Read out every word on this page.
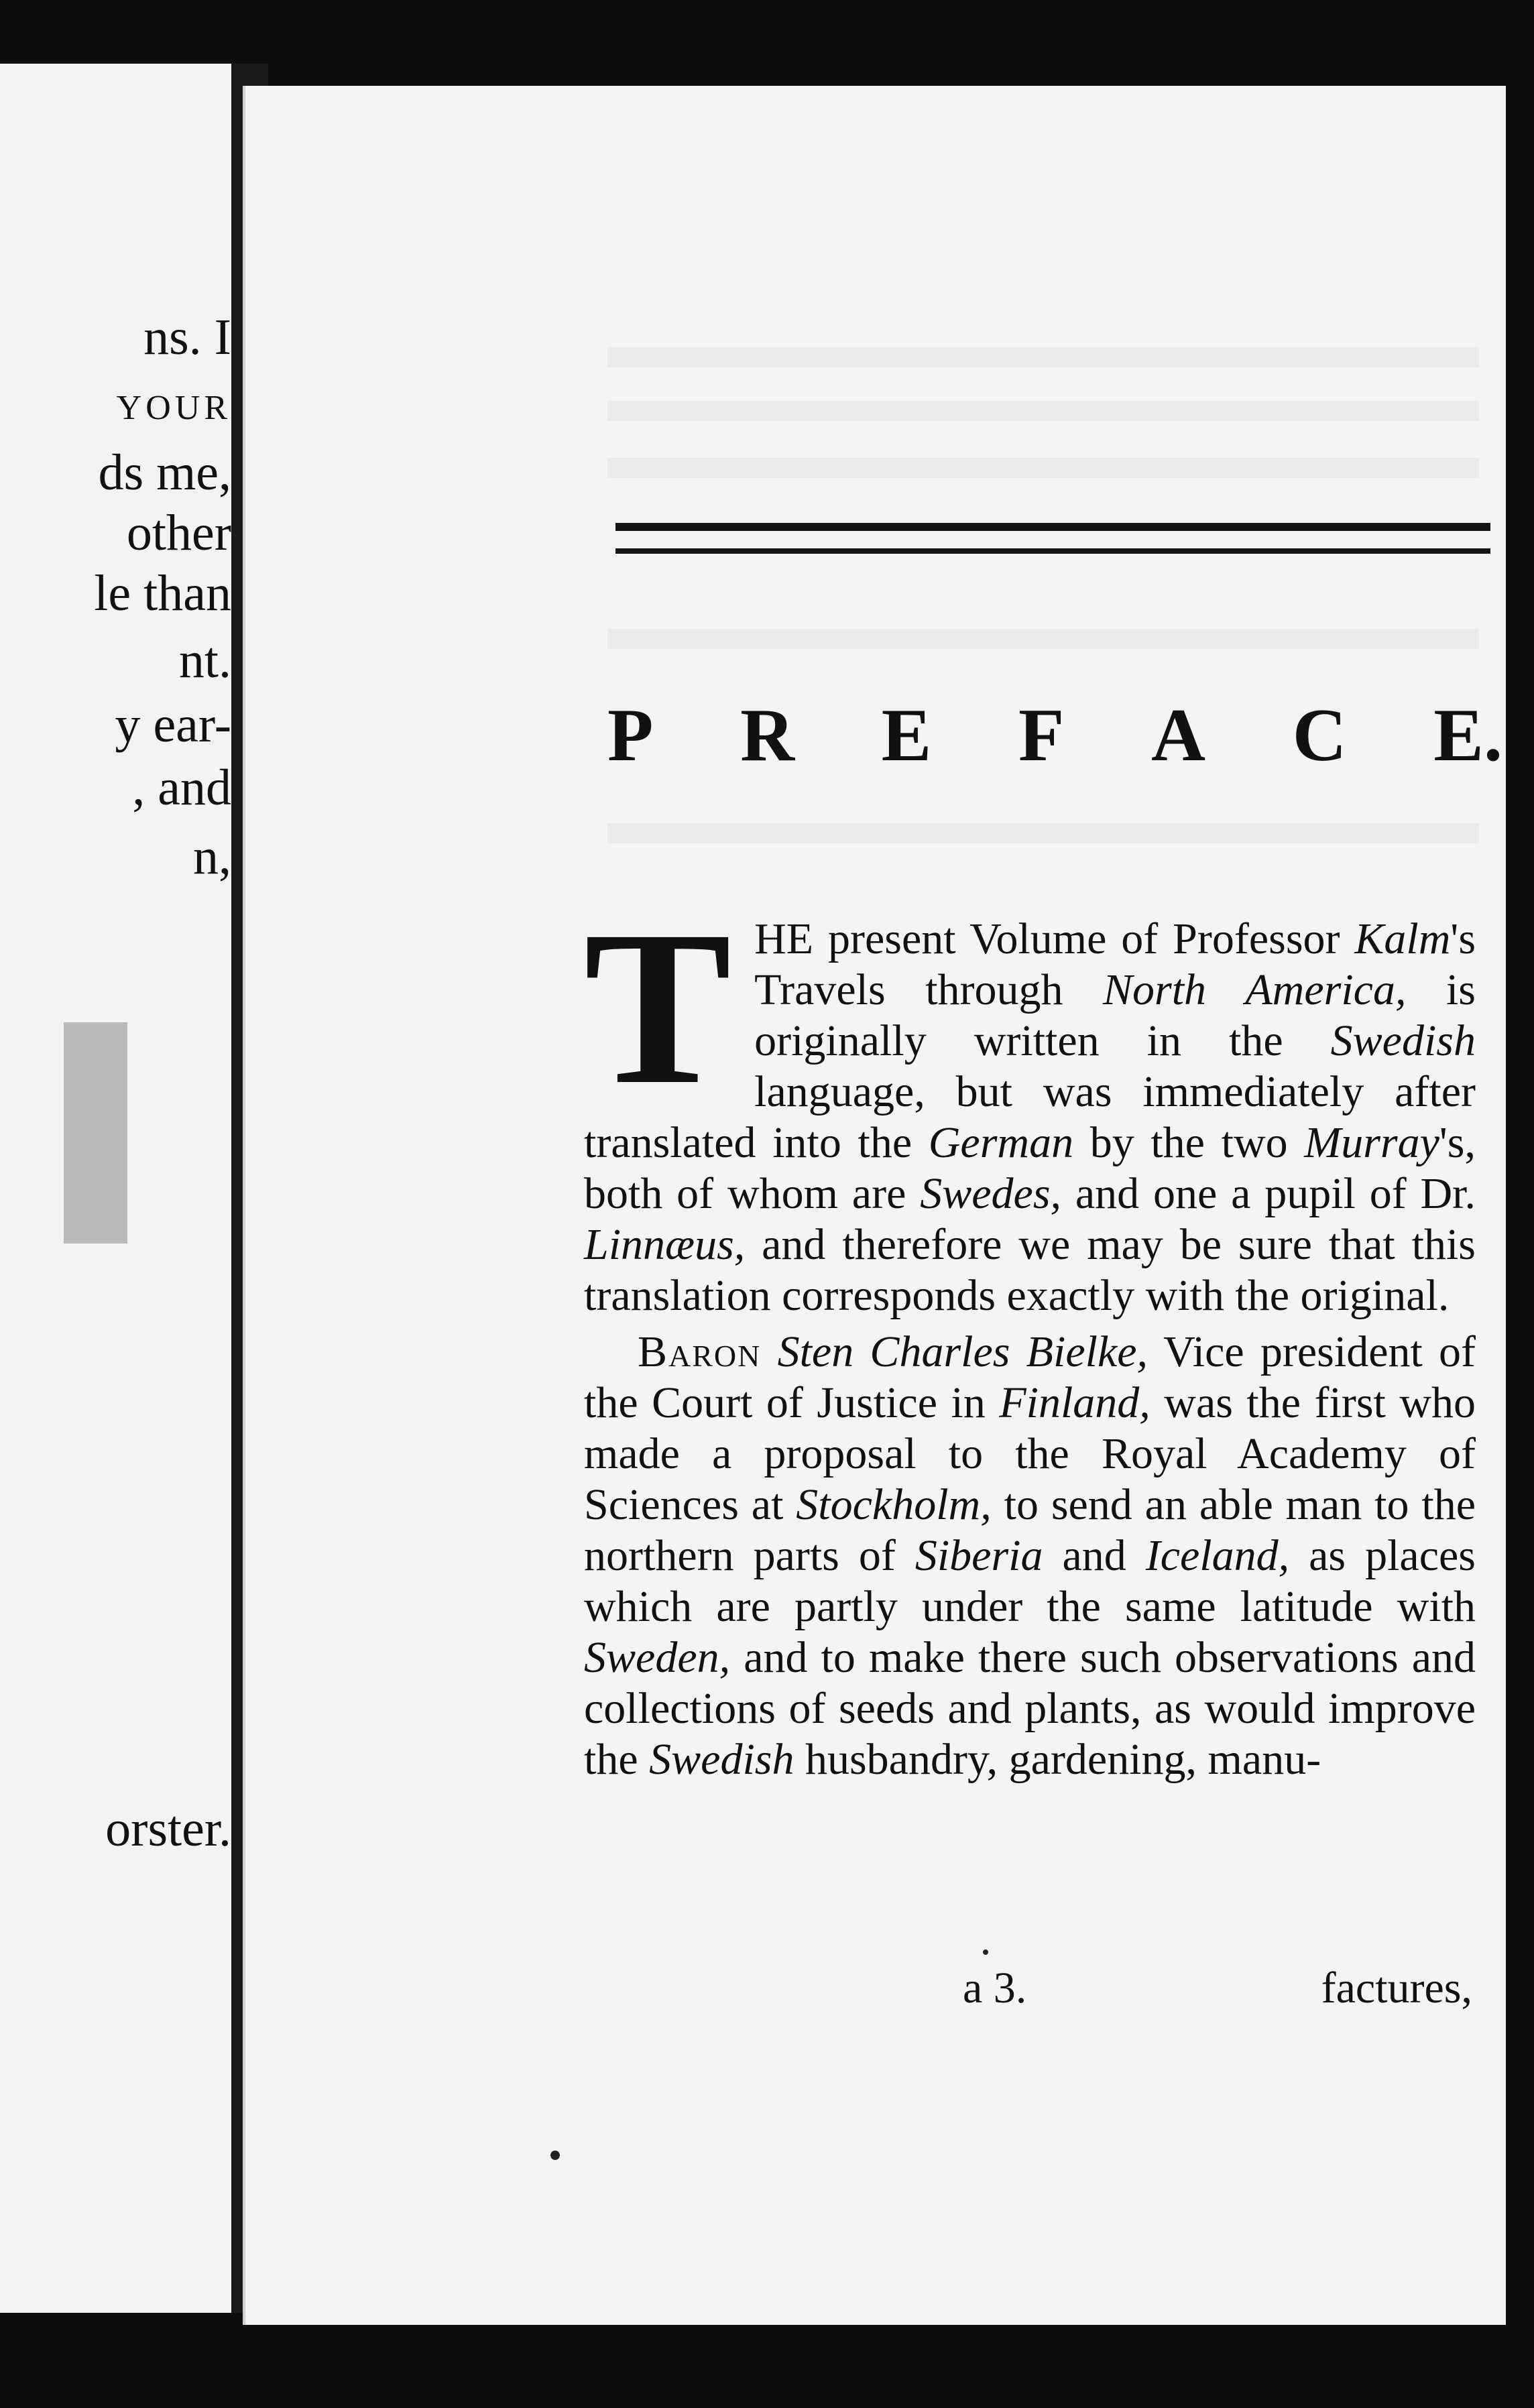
ns. I
YOUR
ds me,
other
le than
nt.
y ear-
, and
n,
orster.
P R E F A C E.

THE present Volume of Professor Kalm's Travels through North America, is originally written in the Swedish language, but was immediately after translated into the German by the two Murray's, both of whom are Swedes, and one a pupil of Dr. Linnæus, and therefore we may be sure that this translation corresponds exactly with the original.

Baron Sten Charles Bielke, Vice president of the Court of Justice in Finland, was the first who made a proposal to the Royal Academy of Sciences at Stockholm, to send an able man to the northern parts of Siberia and Iceland, as places which are partly under the same latitude with Sweden, and to make there such observations and collections of seeds and plants, as would improve the Swedish husbandry, gardening, manu-

a 3.	factures,
